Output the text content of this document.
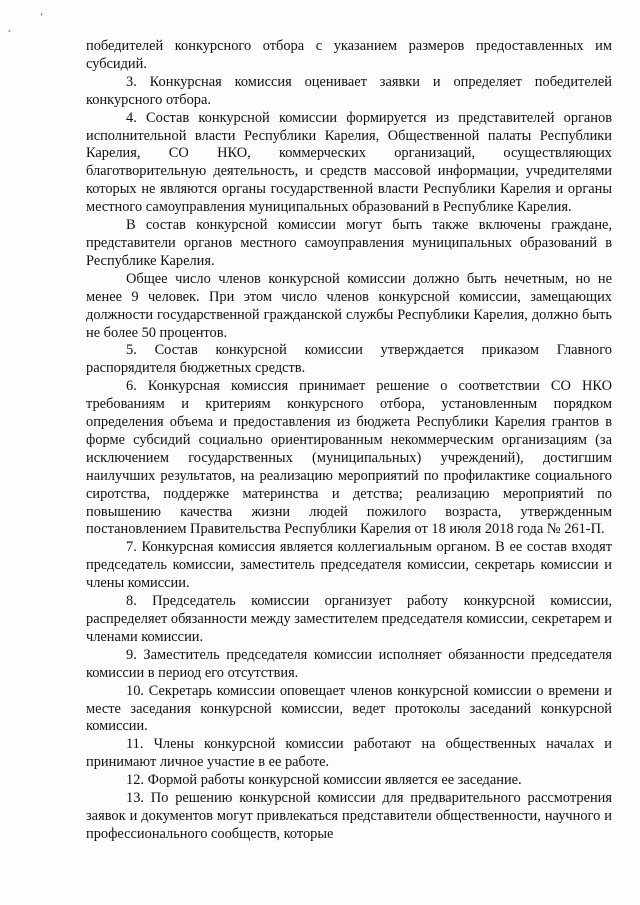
˛
ʻ

победителей конкурсного отбора с указанием размеров предоставленных им субсидий.

3. Конкурсная комиссия оценивает заявки и определяет победителей конкурсного отбора.

4. Состав конкурсной комиссии формируется из представителей органов исполнительной власти Республики Карелия, Общественной палаты Республики Карелия, СО НКО, коммерческих организаций, осуществляющих благотворительную деятельность, и средств массовой информации, учредителями которых не являются органы государственной власти Республики Карелия и органы местного самоуправления муниципальных образований в Республике Карелия.

В состав конкурсной комиссии могут быть также включены граждане, представители органов местного самоуправления муниципальных образований в Республике Карелия.

Общее число членов конкурсной комиссии должно быть нечетным, но не менее 9 человек. При этом число членов конкурсной комиссии, замещающих должности государственной гражданской службы Республики Карелия, должно быть не более 50 процентов.

5. Состав конкурсной комиссии утверждается приказом Главного распорядителя бюджетных средств.

6. Конкурсная комиссия принимает решение о соответствии СО НКО требованиям и критериям конкурсного отбора, установленным порядком определения объема и предоставления из бюджета Республики Карелия грантов в форме субсидий социально ориентированным некоммерческим организациям (за исключением государственных (муниципальных) учреждений), достигшим наилучших результатов, на реализацию мероприятий по профилактике социального сиротства, поддержке материнства и детства; реализацию мероприятий по повышению качества жизни людей пожилого возраста, утвержденным постановлением Правительства Республики Карелия от 18 июля 2018 года № 261-П.

7. Конкурсная комиссия является коллегиальным органом. В ее состав входят председатель комиссии, заместитель председателя комиссии, секретарь комиссии и члены комиссии.

8. Председатель комиссии организует работу конкурсной комиссии, распределяет обязанности между заместителем председателя комиссии, секретарем и членами комиссии.

9. Заместитель председателя комиссии исполняет обязанности председателя комиссии в период его отсутствия.

10. Секретарь комиссии оповещает членов конкурсной комиссии о времени и месте заседания конкурсной комиссии, ведет протоколы заседаний конкурсной комиссии.

11. Члены конкурсной комиссии работают на общественных началах и принимают личное участие в ее работе.

12. Формой работы конкурсной комиссии является ее заседание.

13. По решению конкурсной комиссии для предварительного рассмотрения заявок и документов могут привлекаться представители общественности, научного и профессионального сообществ, которые
